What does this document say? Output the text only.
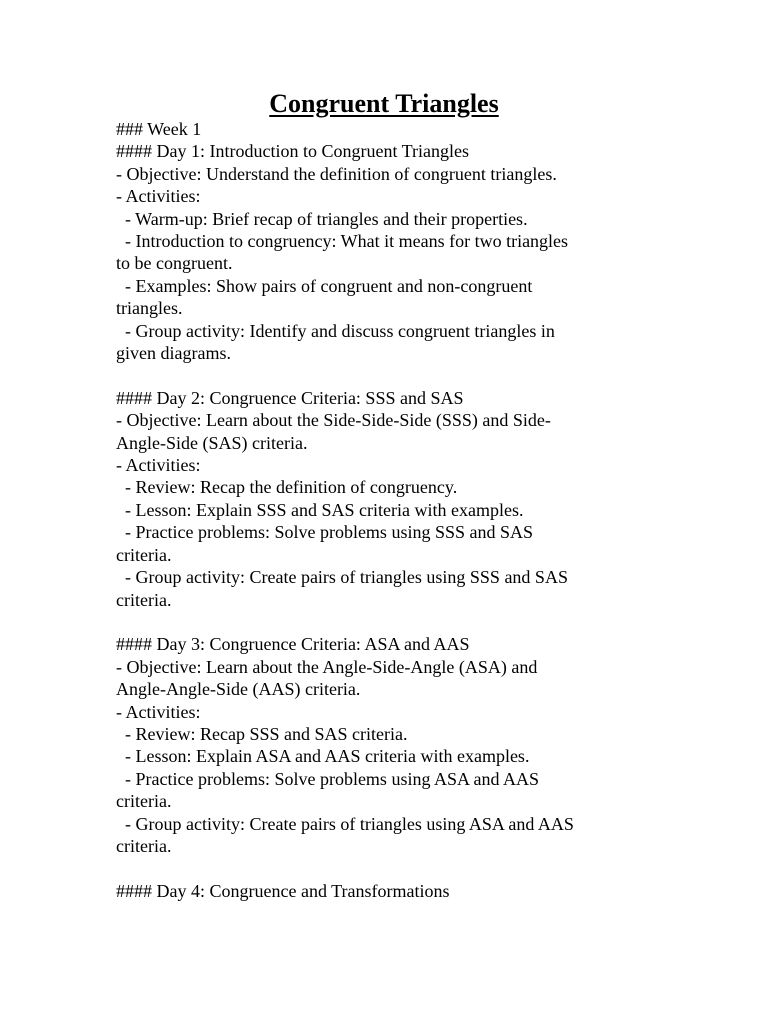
Congruent Triangles
### Week 1
#### Day 1: Introduction to Congruent Triangles
- Objective: Understand the definition of congruent triangles.
- Activities:
- Warm-up: Brief recap of triangles and their properties.
- Introduction to congruency: What it means for two triangles
to be congruent.
- Examples: Show pairs of congruent and non-congruent
triangles.
- Group activity: Identify and discuss congruent triangles in
given diagrams.
#### Day 2: Congruence Criteria: SSS and SAS
- Objective: Learn about the Side-Side-Side (SSS) and Side-
Angle-Side (SAS) criteria.
- Activities:
- Review: Recap the definition of congruency.
- Lesson: Explain SSS and SAS criteria with examples.
- Practice problems: Solve problems using SSS and SAS
criteria.
- Group activity: Create pairs of triangles using SSS and SAS
criteria.
#### Day 3: Congruence Criteria: ASA and AAS
- Objective: Learn about the Angle-Side-Angle (ASA) and
Angle-Angle-Side (AAS) criteria.
- Activities:
- Review: Recap SSS and SAS criteria.
- Lesson: Explain ASA and AAS criteria with examples.
- Practice problems: Solve problems using ASA and AAS
criteria.
- Group activity: Create pairs of triangles using ASA and AAS
criteria.
#### Day 4: Congruence and Transformations
